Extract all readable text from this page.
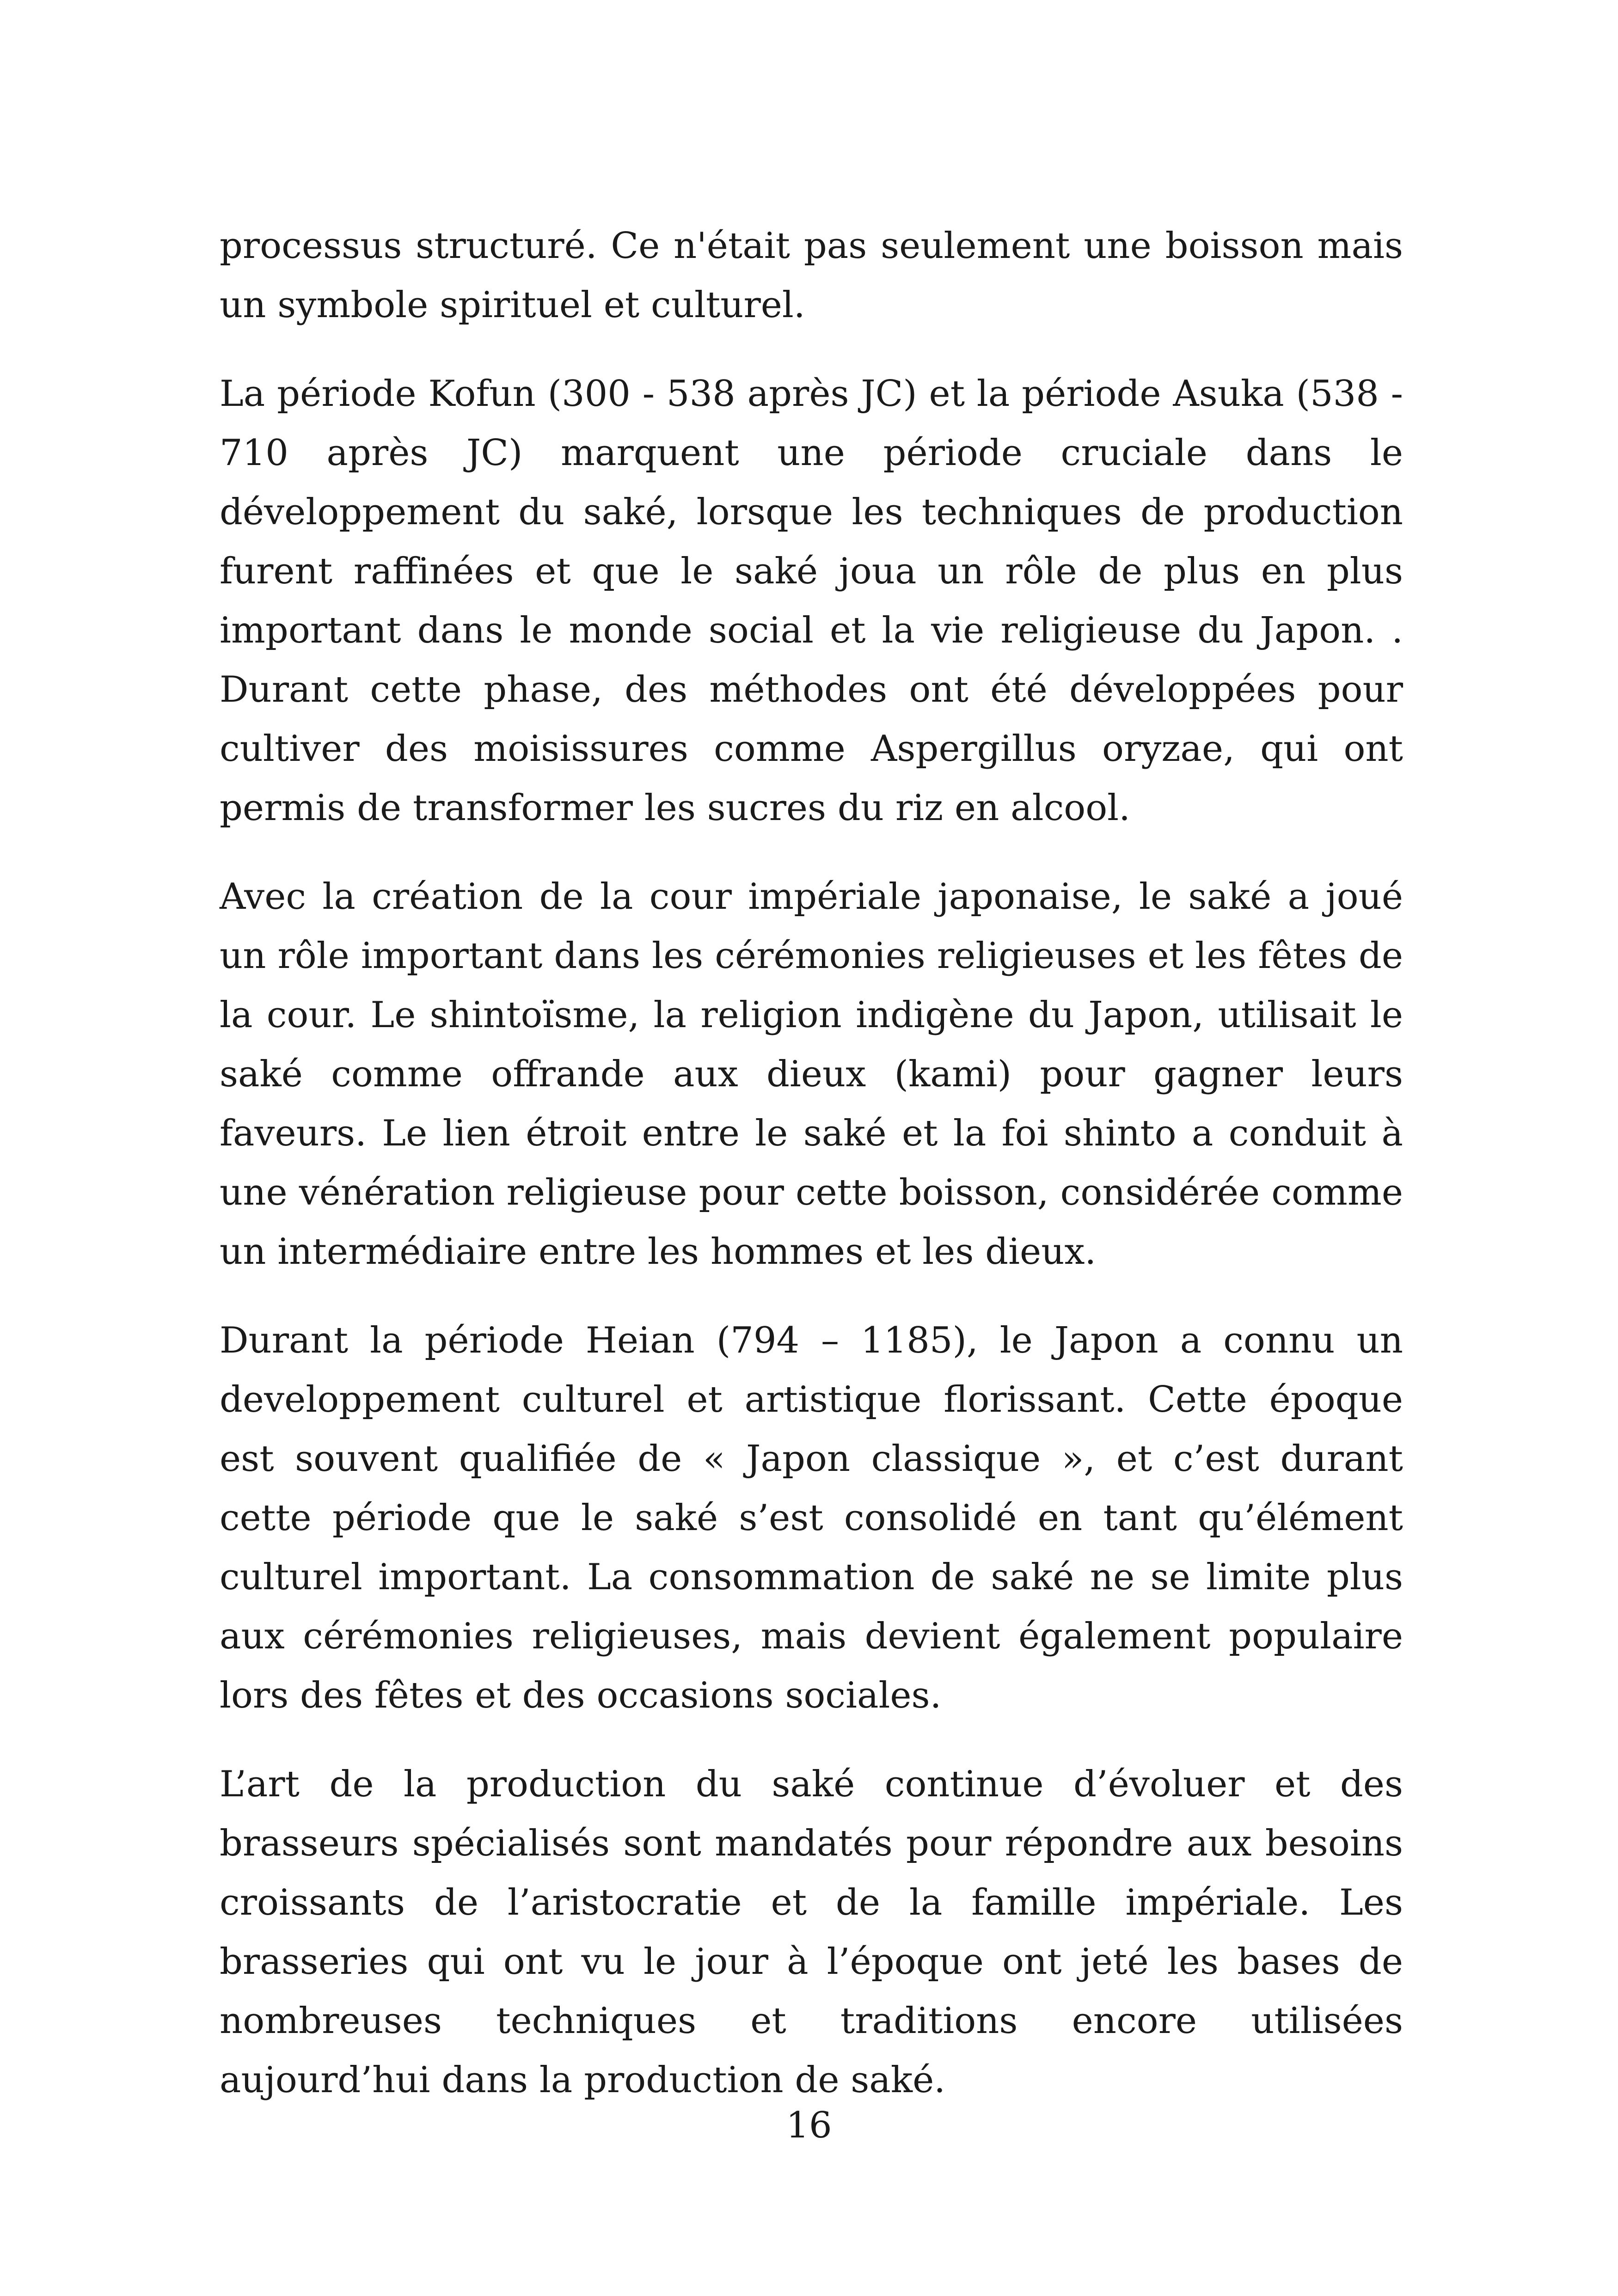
processus structuré. Ce n'était pas seulement une boisson mais un symbole spirituel et culturel.

La période Kofun (300 - 538 après JC) et la période Asuka (538 - 710 après JC) marquent une période cruciale dans le développement du saké, lorsque les techniques de production furent raffinées et que le saké joua un rôle de plus en plus important dans le monde social et la vie religieuse du Japon. . Durant cette phase, des méthodes ont été développées pour cultiver des moisissures comme Aspergillus oryzae, qui ont permis de transformer les sucres du riz en alcool.

Avec la création de la cour impériale japonaise, le saké a joué un rôle important dans les cérémonies religieuses et les fêtes de la cour. Le shintoïsme, la religion indigène du Japon, utilisait le saké comme offrande aux dieux (kami) pour gagner leurs faveurs. Le lien étroit entre le saké et la foi shinto a conduit à une vénération religieuse pour cette boisson, considérée comme un intermédiaire entre les hommes et les dieux.

Durant la période Heian (794 – 1185), le Japon a connu un developpement culturel et artistique florissant. Cette époque est souvent qualifiée de « Japon classique », et c’est durant cette période que le saké s’est consolidé en tant qu’élément culturel important. La consommation de saké ne se limite plus aux cérémonies religieuses, mais devient également populaire lors des fêtes et des occasions sociales.

L’art de la production du saké continue d’évoluer et des brasseurs spécialisés sont mandatés pour répondre aux besoins croissants de l’aristocratie et de la famille impériale. Les brasseries qui ont vu le jour à l’époque ont jeté les bases de nombreuses techniques et traditions encore utilisées aujourd’hui dans la production de saké.

16
